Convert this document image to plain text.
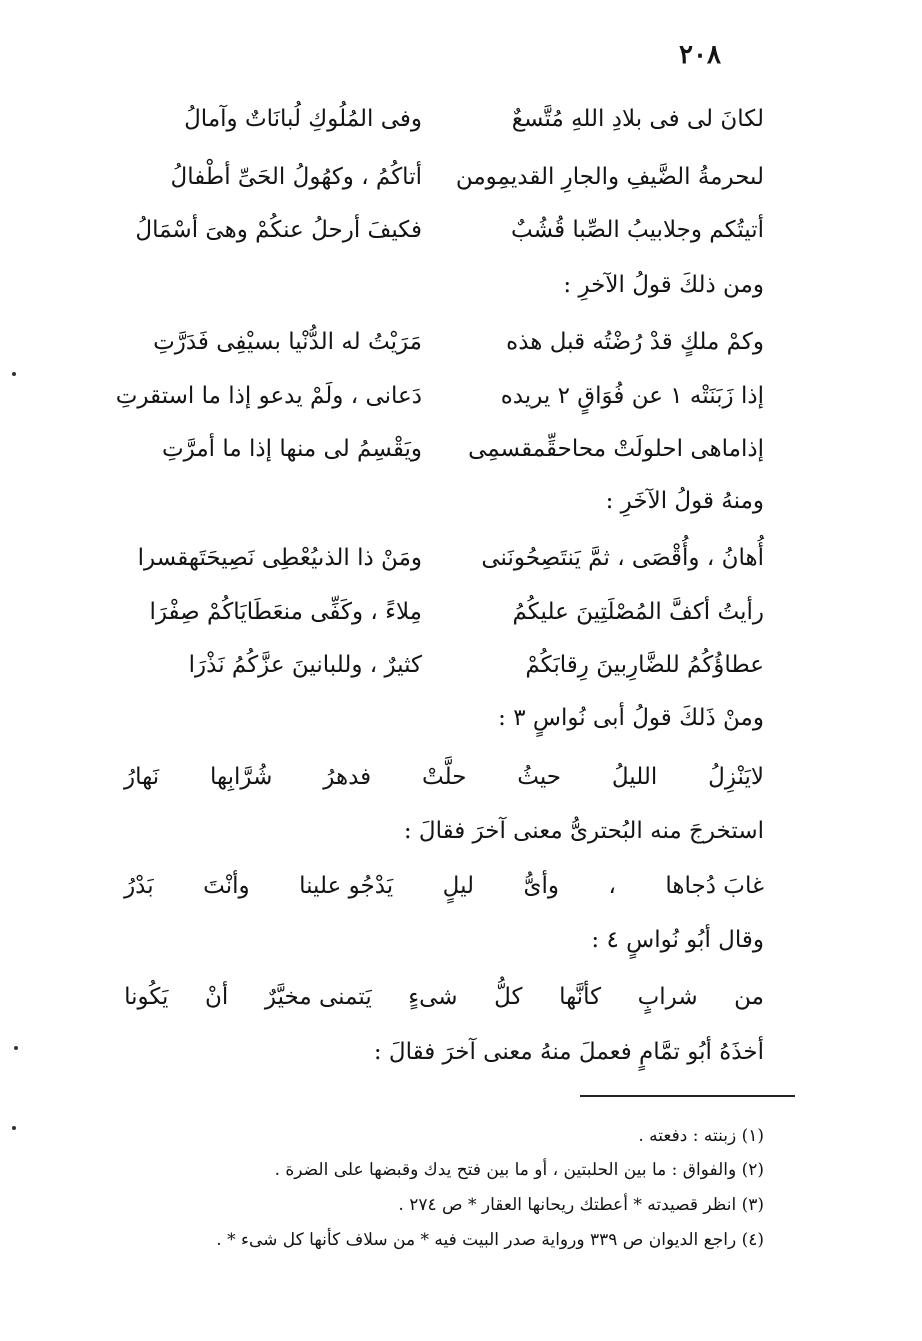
٢٠٨
لكانَ لى فى بلادِ اللهِ مُتَّسعٌ
وفى المُلُوكِ لُبانَاتٌ وآمالُ
لىحرمةُ الضَّيفِ والجارِ القديمِومن
أتاكُمُ ، وكهُولُ الحَىِّ أطْفالُ
أتيتُكم وجلابيبُ الصِّبا قُشُبٌ
فكيفَ أرحلُ عنكُمْ وهىَ أسْمَالُ
ومن ذلكَ قولُ الآخرِ :
وكمْ ملكٍ قدْ رُضْتُه قبل هذه
مَرَيْتُ له الدُّنْيا بسيْفِى فَدَرَّتِ
إذا زَبَنَتْه ١ عن فُوَاقٍ ٢ يريده
دَعانى ، ولَمْ يدعو إذا ما استقرتِ
إذاماهى احلولَتْ محاحقِّمقسمِى
ويَقْسِمُ لى منها إذا ما أمرَّتِ
ومنهُ قولُ الآخَرِ :
أُهانُ ، وأُقْصَى ، ثمَّ يَنتَصِحُونَنى
ومَنْ ذا الذىيُعْطِى نَصِيحَتَهقسرا
رأيتُ أكفَّ المُصْلَتِينَ عليكُمُ
مِلاءً ، وكَفِّى منعَطَايَاكُمْ صِفْرَا
عطاؤُكُمُ للضَّارِبينَ رِقابَكُمْ
كثيرٌ ، وللبانينَ عزَّكُمُ نَذْرَا
ومنْ ذَلكَ قولُ أبى نُواسٍ ٣ :
لايَنْزِلُ
الليلُ
حيثُ
حلَّتْ
فدهرُ
شُرَّابِها
نَهارُ
استخرجَ منه البُحترىُّ معنى آخرَ فقالَ :
غابَ دُجاها
،
وأىُّ
ليلٍ
يَدْجُو علينا
وأنْتَ
بَدْرُ
وقال أبُو نُواسٍ ٤ :
من
شرابٍ
كأنَّها
كلُّ
شىءٍ
يَتمنى مخيَّرٌ
أنْ
يَكُونا
أخذَهُ أبُو تمَّامٍ فعملَ منهُ معنى آخرَ فقالَ :
(١) زبنته : دفعته .
(٢) والفواق : ما بين الحلبتين ، أو ما بين فتح يدك وقبضها على الضرة .
(٣) انظر قصيدته * أعطتك ريحانها العقار * ص ٢٧٤ .
(٤) راجع الديوان ص ٣٣٩ ورواية صدر البيت فيه * من سلاف كأنها كل شىء * .
